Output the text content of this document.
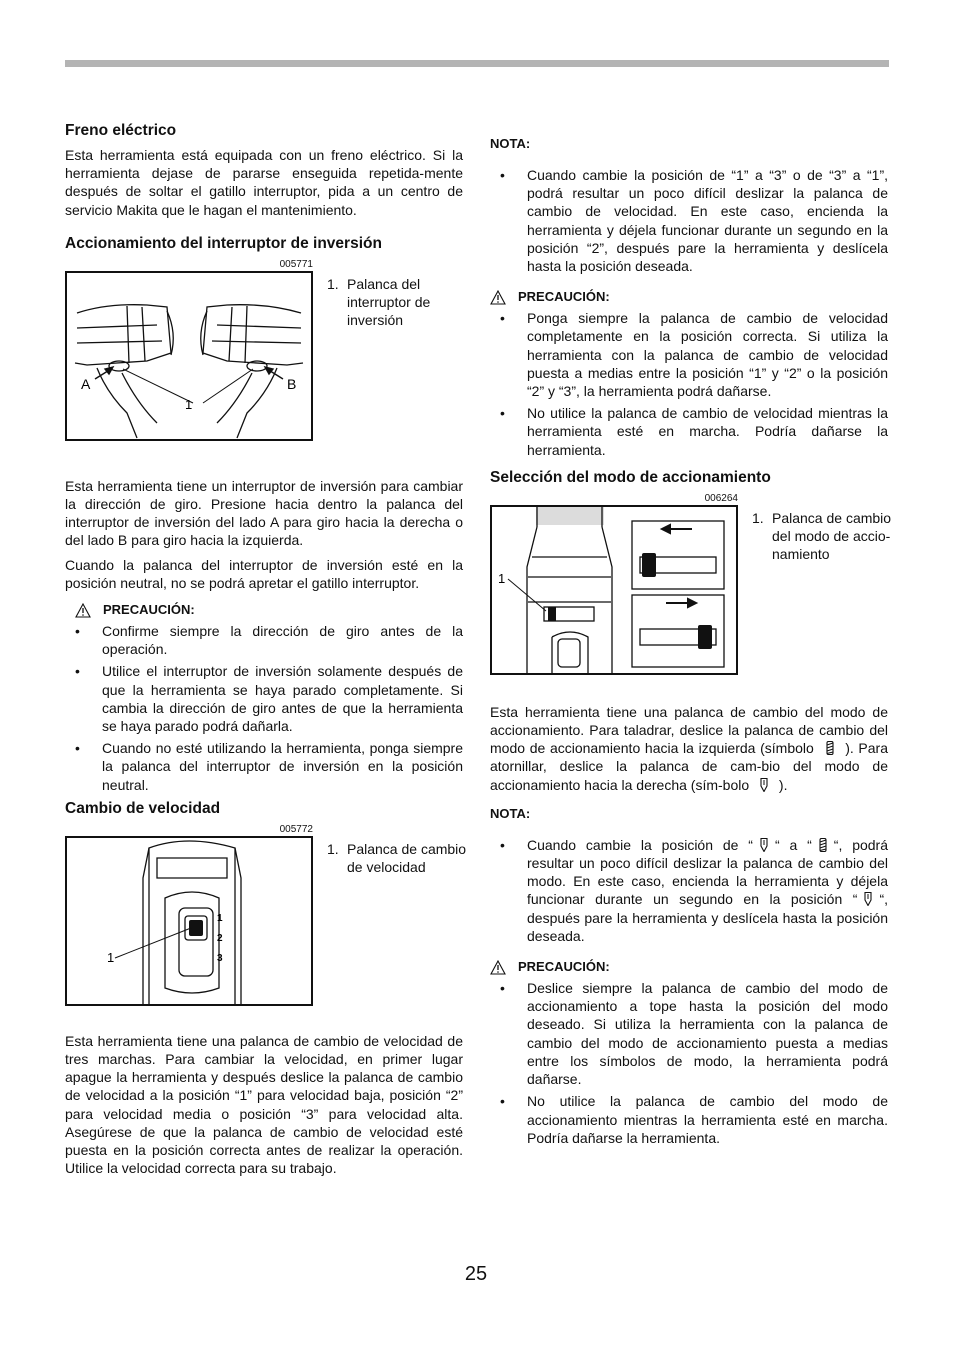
Freno eléctrico

Esta herramienta está equipada con un freno eléctrico. Si la herramienta dejase de pararse enseguida repetida-mente después de soltar el gatillo interruptor, pida a un centro de servicio Makita que le hagan el mantenimiento.

Accionamiento del interruptor de inversión
005771
A	B
1
1. Palanca del interruptor de inversión

Esta herramienta tiene un interruptor de inversión para cambiar la dirección de giro. Presione hacia dentro la palanca del interruptor de inversión del lado A para giro hacia la derecha o del lado B para giro hacia la izquierda.

Cuando la palanca del interruptor de inversión esté en la posición neutral, no se podrá apretar el gatillo interruptor.

PRECAUCIÓN:
• Confirme siempre la dirección de giro antes de la operación.
• Utilice el interruptor de inversión solamente después de que la herramienta se haya parado completamente. Si cambia la dirección de giro antes de que la herramienta se haya parado podrá dañarla.
• Cuando no esté utilizando la herramienta, ponga siempre la palanca del interruptor de inversión en la posición neutral.
Cambio de velocidad
005772
1
1
2
3
1. Palanca de cambio de velocidad

Esta herramienta tiene una palanca de cambio de velocidad de tres marchas. Para cambiar la velocidad, en primer lugar apague la herramienta y después deslice la palanca de cambio de velocidad a la posición “1” para velocidad baja, posición “2” para velocidad media o posición “3” para velocidad alta. Asegúrese de que la palanca de cambio de velocidad esté puesta en la posición correcta antes de realizar la operación. Utilice la velocidad correcta para su trabajo.

NOTA:
• Cuando cambie la posición de “1” a “3” o de “3” a “1”, podrá resultar un poco difícil deslizar la palanca de cambio de velocidad. En este caso, encienda la herramienta y déjela funcionar durante un segundo en la posición “2”, después pare la herramienta y deslícela hasta la posición deseada.
PRECAUCIÓN:
• Ponga siempre la palanca de cambio de velocidad completamente en la posición correcta. Si utiliza la herramienta con la palanca de cambio de velocidad puesta a medias entre la posición “1” y “2” o la posición “2” y “3”, la herramienta podrá dañarse.
• No utilice la palanca de cambio de velocidad mientras la herramienta esté en marcha. Podría dañarse la herramienta.
Selección del modo de accionamiento
006264
1
1. Palanca de cambio del modo de accio-namiento

Esta herramienta tiene una palanca de cambio del modo de accionamiento. Para taladrar, deslice la palanca de cambio del modo de accionamiento hacia la izquierda (símbolo ). Para atornillar, deslice la palanca de cam-bio del modo de accionamiento hacia la derecha (sím-bolo ).

NOTA:
• Cuando cambie la posición de “ “ a “ “, podrá resultar un poco difícil deslizar la palanca de cambio del modo. En este caso, encienda la herramienta y déjela funcionar durante un segundo en la posición “ “, después pare la herramienta y deslícela hasta la posición deseada.
PRECAUCIÓN:
• Deslice siempre la palanca de cambio del modo de accionamiento a tope hasta la posición del modo deseado. Si utiliza la herramienta con la palanca de cambio del modo de accionamiento puesta a medias entre los símbolos de modo, la herramienta podrá dañarse.
• No utilice la palanca de cambio del modo de accionamiento mientras la herramienta esté en marcha. Podría dañarse la herramienta.
25
